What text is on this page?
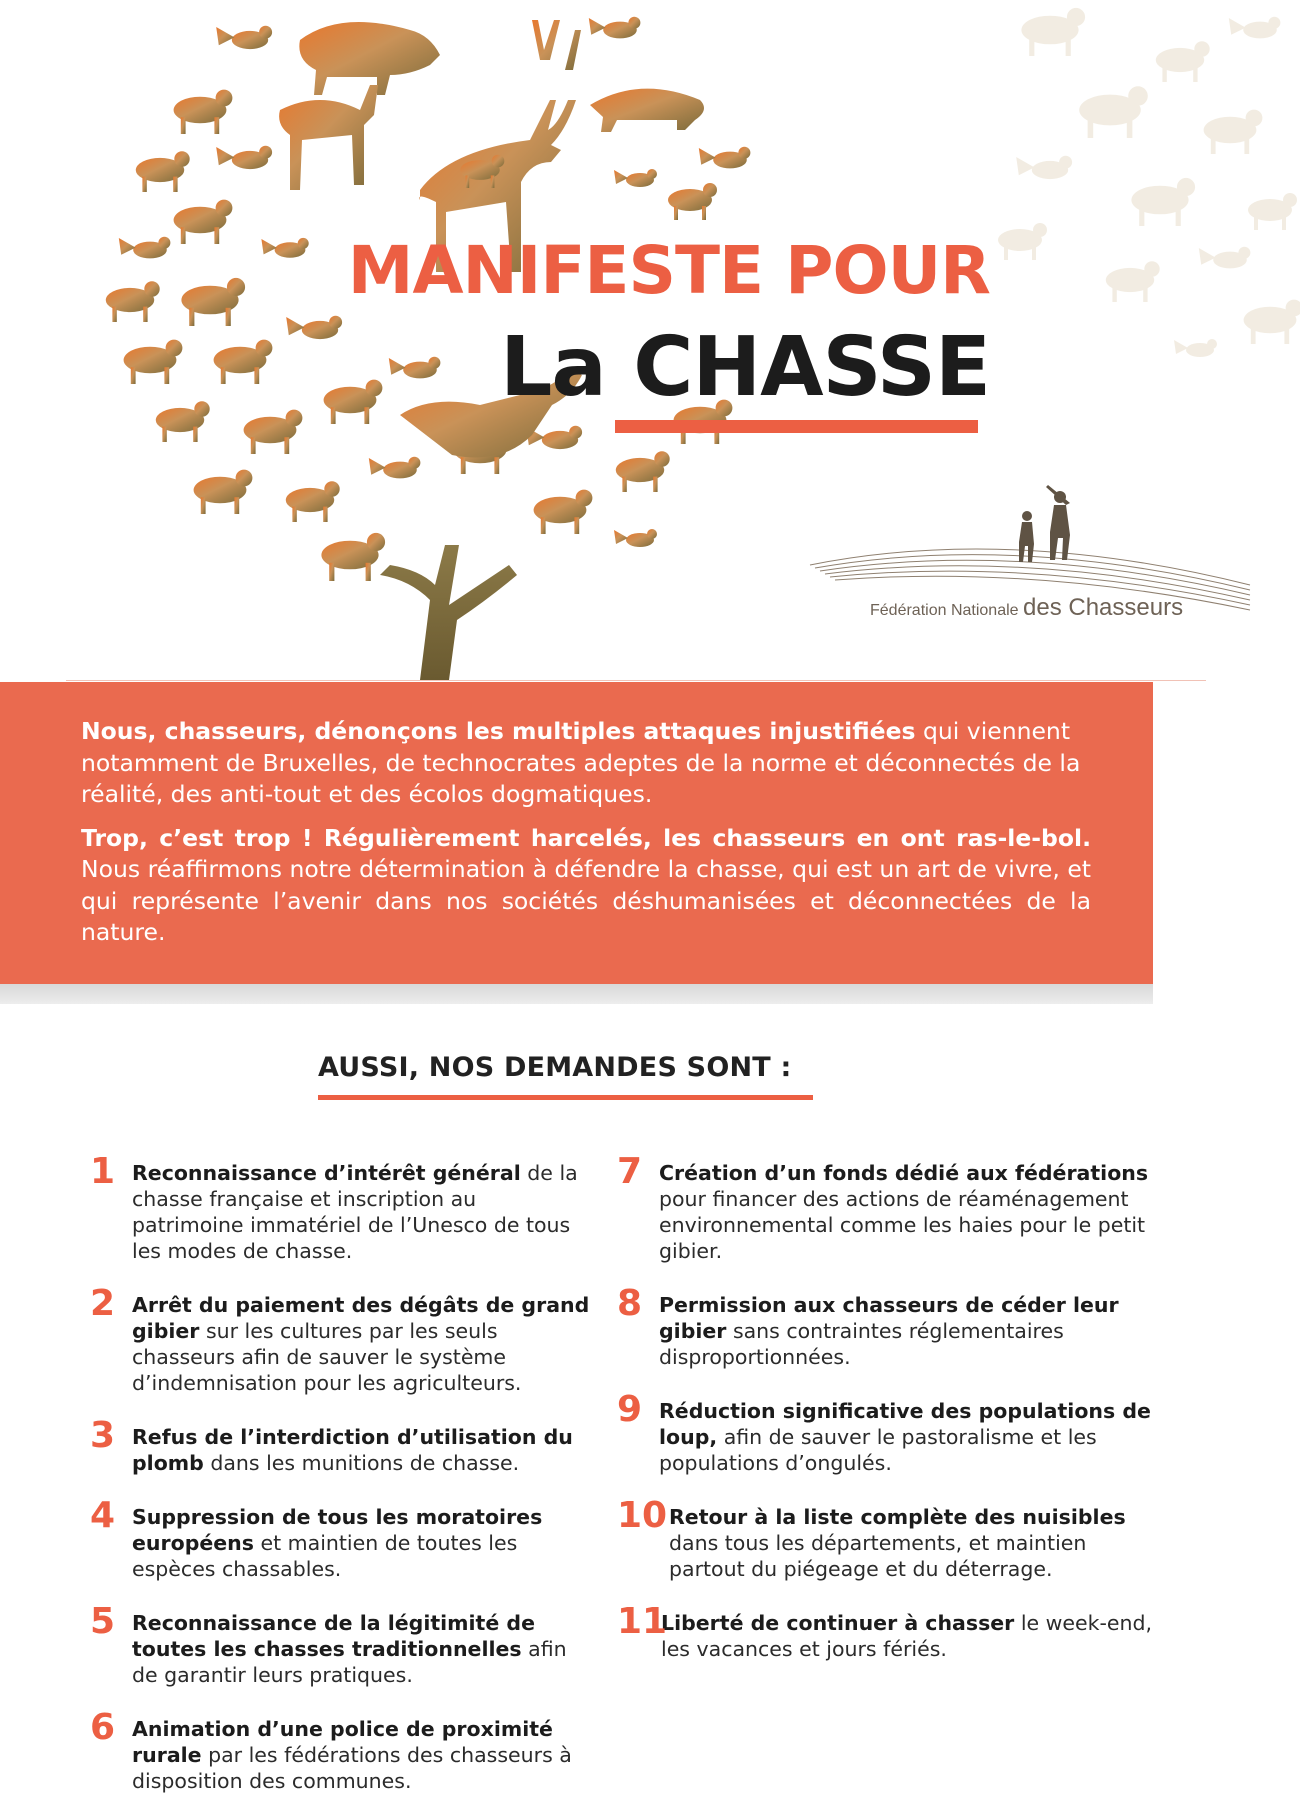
MANIFESTE POUR
La CHASSE
Fédération Nationale des Chasseurs

Nous, chasseurs, dénonçons les multiples attaques injustifiées qui viennent notamment de Bruxelles, de technocrates adeptes de la norme et déconnectés de la réalité, des anti-tout et des écolos dogmatiques.

Trop, c’est trop ! Régulièrement harcelés, les chasseurs en ont ras-le-bol. Nous réaffirmons notre détermination à défendre la chasse, qui est un art de vivre, et qui représente l’avenir dans nos sociétés déshumanisées et déconnectées de la nature.

AUSSI, NOS DEMANDES SONT :
1 Reconnaissance d’intérêt général de la chasse française et inscription au patrimoine immatériel de l’Unesco de tous les modes de chasse.
2 Arrêt du paiement des dégâts de grand gibier sur les cultures par les seuls chasseurs afin de sauver le système d’indemnisation pour les agriculteurs.
3 Refus de l’interdiction d’utilisation du plomb dans les munitions de chasse.
4 Suppression de tous les moratoires européens et maintien de toutes les espèces chassables.
5 Reconnaissance de la légitimité de toutes les chasses traditionnelles afin de garantir leurs pratiques.
6 Animation d’une police de proximité rurale par les fédérations des chasseurs à disposition des communes.
7 Création d’un fonds dédié aux fédérations pour financer des actions de réaménagement environnemental comme les haies pour le petit gibier.
8 Permission aux chasseurs de céder leur gibier sans contraintes réglementaires disproportionnées.
9 Réduction significative des populations de loup, afin de sauver le pastoralisme et les populations d’ongulés.
10 Retour à la liste complète des nuisibles dans tous les départements, et maintien partout du piégeage et du déterrage.
11
Liberté de continuer à chasser le week-end, les vacances et jours fériés.
